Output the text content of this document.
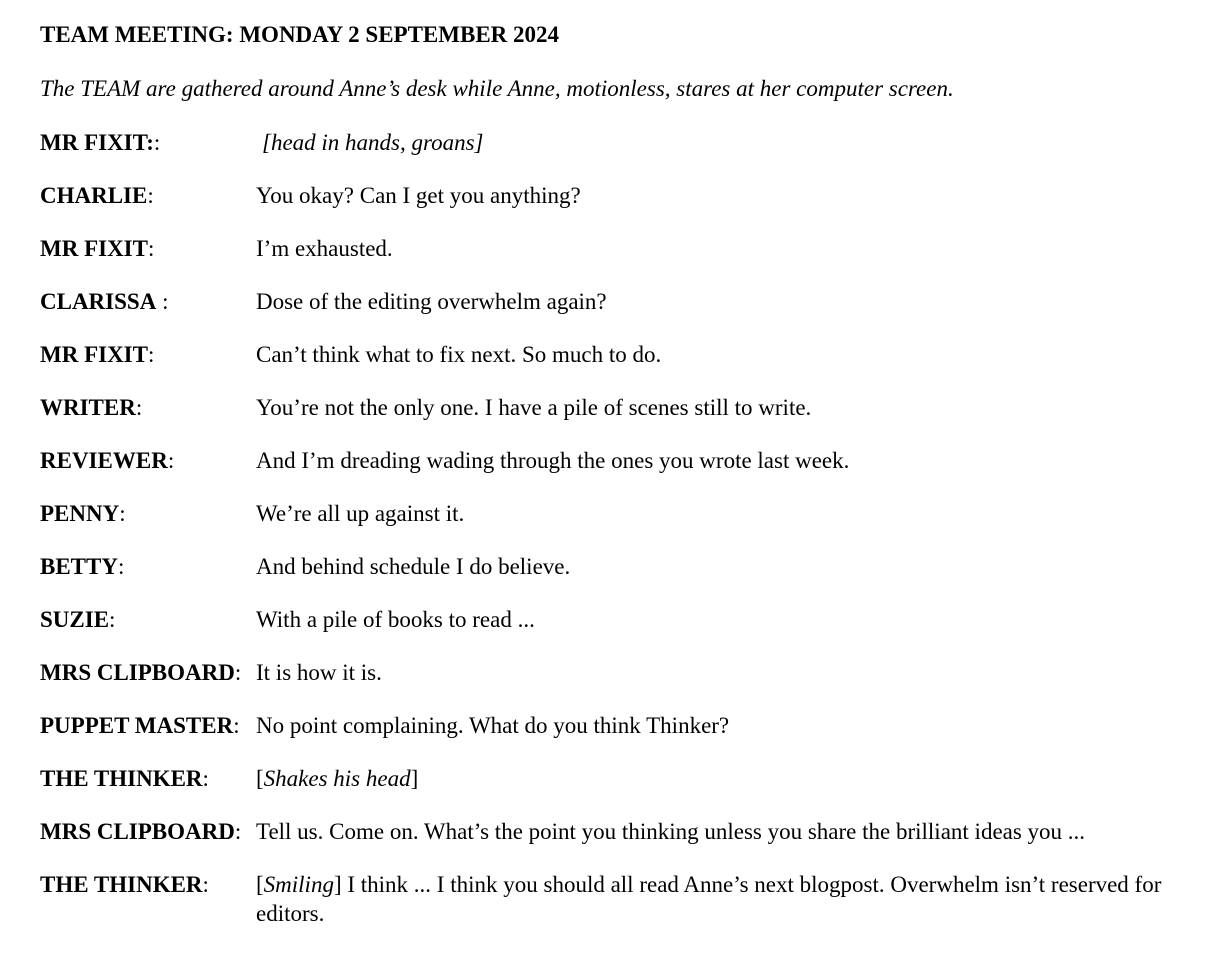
TEAM MEETING: MONDAY 2 SEPTEMBER 2024
The TEAM are gathered around Anne’s desk while Anne, motionless, stares at her computer screen.
MR FIXIT::	[head in hands, groans]
CHARLIE:	You okay? Can I get you anything?
MR FIXIT:	I’m exhausted.
CLARISSA :	Dose of the editing overwhelm again?
MR FIXIT:	Can’t think what to fix next. So much to do.
WRITER:	You’re not the only one. I have a pile of scenes still to write.
REVIEWER:	And I’m dreading wading through the ones you wrote last week.
PENNY:	We’re all up against it.
BETTY:	And behind schedule I do believe.
SUZIE:	With a pile of books to read ...
MRS CLIPBOARD: It is how it is.
PUPPET MASTER: No point complaining. What do you think Thinker?
THE THINKER: [Shakes his head]
MRS CLIPBOARD: Tell us. Come on. What’s the point you thinking unless you share the brilliant ideas you ...
THE THINKER: [Smiling] I think ... I think you should all read Anne’s next blogpost. Overwhelm isn’t reserved for editors.
